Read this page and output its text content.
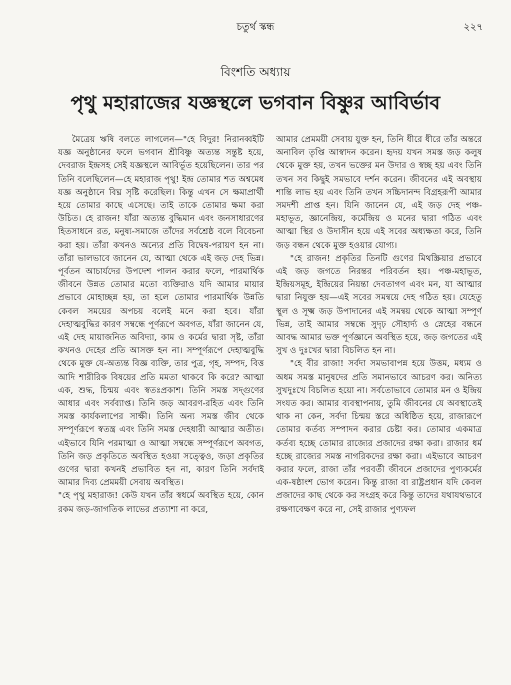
চতুর্থ স্কন্ধ	২২৭
বিংশতি অধ্যায়
পৃথু মহারাজের যজ্ঞস্থলে ভগবান বিষ্ণুর আবির্ভাব

মৈত্রেয় ঋষি বলতে লাগলেন—"হে বিদুর! নিরানব্বইটি যজ্ঞ অনুষ্ঠানের ফলে ভগবান শ্রীবিষ্ণু অত্যন্ত সন্তুষ্ট হয়ে, দেবরাজ ইন্দ্রসহ সেই যজ্ঞস্থলে আবির্ভূত হয়েছিলেন। তার পর তিনি বলেছিলেন—হে মহারাজ পৃথু! ইন্দ্র তোমার শত অশ্বমেধ যজ্ঞ অনুষ্ঠানে বিঘ্ন সৃষ্টি করেছিল। কিন্তু এখন সে ক্ষমাপ্রার্থী হয়ে তোমার কাছে এসেছে। তাই তাকে তোমার ক্ষমা করা উচিত। হে রাজন! যাঁরা অত্যন্ত বুদ্ধিমান এবং জনসাধারণের হিতসাধনে রত, মনুষ্য-সমাজে তাঁদের সর্বশ্রেষ্ঠ বলে বিবেচনা করা হয়। তাঁরা কখনও অন্যের প্রতি বিদ্বেষ-পরায়ণ হন না। তাঁরা ভালভাবে জানেন যে, আত্মা থেকে এই জড় দেহ ভিন্ন। পূর্বতন আচার্যদের উপদেশ পালন করার ফলে, পারমার্থিক জীবনে উন্নত তোমার মতো ব্যক্তিরাও যদি আমার মায়ার প্রভাবে মোহাচ্ছন্ন হয়, তা হলে তোমার পারমার্থিক উন্নতি কেবল সময়ের অপচয় বলেই মনে করা হবে। যাঁরা দেহাত্মবুদ্ধির কারণ সম্বন্ধে পূর্ণরূপে অবগত, যাঁরা জানেন যে, এই দেহ মায়াজনিত অবিদ্যা, কাম ও কর্মের দ্বারা সৃষ্ট, তাঁরা কখনও দেহের প্রতি আসক্ত হন না। সম্পূর্ণরূপে দেহাত্মবুদ্ধি থেকে মুক্ত যে-অত্যন্ত বিজ্ঞ ব্যক্তি, তার পুত্র, গৃহ, সম্পদ, বিত্ত আদি শারীরিক বিষয়ের প্রতি মমতা থাকবে কি করে? আত্মা এক, শুদ্ধ, চিন্ময় এবং স্বতঃপ্রকাশ। তিনি সমস্ত সদ্গুণের আধার এবং সর্বব্যাপ্ত। তিনি জড় আবরণ-রহিত এবং তিনি সমস্ত কার্যকলাপের সাক্ষী। তিনি অন্য সমস্ত জীব থেকে সম্পূর্ণরূপে স্বতন্ত্র এবং তিনি সমস্ত দেহধারী আত্মার অতীত। এইভাবে যিনি পরমাত্মা ও আত্মা সম্বন্ধে সম্পূর্ণরূপে অবগত, তিনি জড় প্রকৃতিতে অবস্থিত হওয়া সত্ত্বেও, জড়া প্রকৃতির গুণের দ্বারা কখনই প্রভাবিত হন না, কারণ তিনি সর্বদাই আমার দিব্য প্রেমময়ী সেবায় অবস্থিত।

"হে পৃথু মহারাজ! কেউ যখন তাঁর স্বধর্মে অবস্থিত হয়ে, কোন রকম জড়-জাগতিক লাভের প্রত্যাশা না করে,

আমার প্রেমময়ী সেবায় যুক্ত হন, তিনি ধীরে ধীরে তাঁর অন্তরে অনাবিল তৃপ্তি আস্বাদন করেন। হৃদয় যখন সমস্ত জড় কলুষ থেকে মুক্ত হয়, তখন ভক্তের মন উদার ও স্বচ্ছ হয় এবং তিনি তখন সব কিছুই সমভাবে দর্শন করেন। জীবনের এই অবস্থায় শান্তি লাভ হয় এবং তিনি তখন সচ্চিদানন্দ বিগ্রহরূপী আমার সমদশী প্রাপ্ত হন। যিনি জানেন যে, এই জড় দেহ পঞ্চ-মহাভূত, জ্ঞানেন্দ্রিয়, কর্মেন্দ্রিয় ও মনের দ্বারা গঠিত এবং আত্মা স্থির ও উদাসীন হয়ে এই সবের অধ্যক্ষতা করে, তিনি জড় বন্ধন থেকে মুক্ত হওয়ার যোগ্য।

"হে রাজন! প্রকৃতির তিনটি গুণের মিথস্ক্রিয়ার প্রভাবে এই জড় জগতে নিরন্তর পরিবর্তন হয়। পঞ্চ-মহাভূত, ইন্দ্রিয়সমূহ, ইন্দ্রিয়ের নিয়ন্তা দেবতাগণ এবং মন, যা আত্মার দ্বারা নিযুক্ত হয়—এই সবের সমন্বয়ে দেহ গঠিত হয়। যেহেতু স্থূল ও সূক্ষ্ম জড় উপাদানের এই সমন্বয় থেকে আত্মা সম্পূর্ণ ভিন্ন, তাই আমার সম্বন্ধে সুদৃঢ় সৌহার্দ্য ও স্নেহের বন্ধনে আবদ্ধ আমার ভক্ত পূর্ণজ্ঞানে অবস্থিত হয়ে, জড় জগতের এই সুখ ও দুঃখের দ্বারা বিচলিত হন না।

"হে বীর রাজা! সর্বদা সমভাবাপন্ন হয়ে উত্তম, মধ্যম ও অধম সমস্ত মানুষদের প্রতি সমানভাবে আচরণ কর। অনিত্য সুখদুঃখে বিচলিত হয়ো না। সর্বতোভাবে তোমার মন ও ইন্দ্রিয় সংযত কর। আমার ব্যবস্থাপনায়, তুমি জীবনের যে অবস্থাতেই থাক না কেন, সর্বদা চিন্ময় স্তরে অধিষ্ঠিত হয়ে, রাজারূপে তোমার কর্তব্য সম্পাদন করার চেষ্টা কর। তোমার একমাত্র কর্তব্য হচ্ছে তোমার রাজ্যের প্রজাদের রক্ষা করা। রাজার ধর্ম হচ্ছে রাজ্যের সমস্ত নাগরিকদের রক্ষা করা। এইভাবে আচরণ করার ফলে, রাজা তাঁর পরবর্তী জীবনে প্রজাদের পুণ্যকর্মের এক-ষষ্ঠাংশ ভোগ করেন। কিন্তু রাজা বা রাষ্ট্রপ্রধান যদি কেবল প্রজাদের কাছ থেকে কর সংগ্রহ করে কিন্তু তাদের যথাযথভাবে রক্ষণাবেক্ষণ করে না, সেই রাজার পুণ্যফল
